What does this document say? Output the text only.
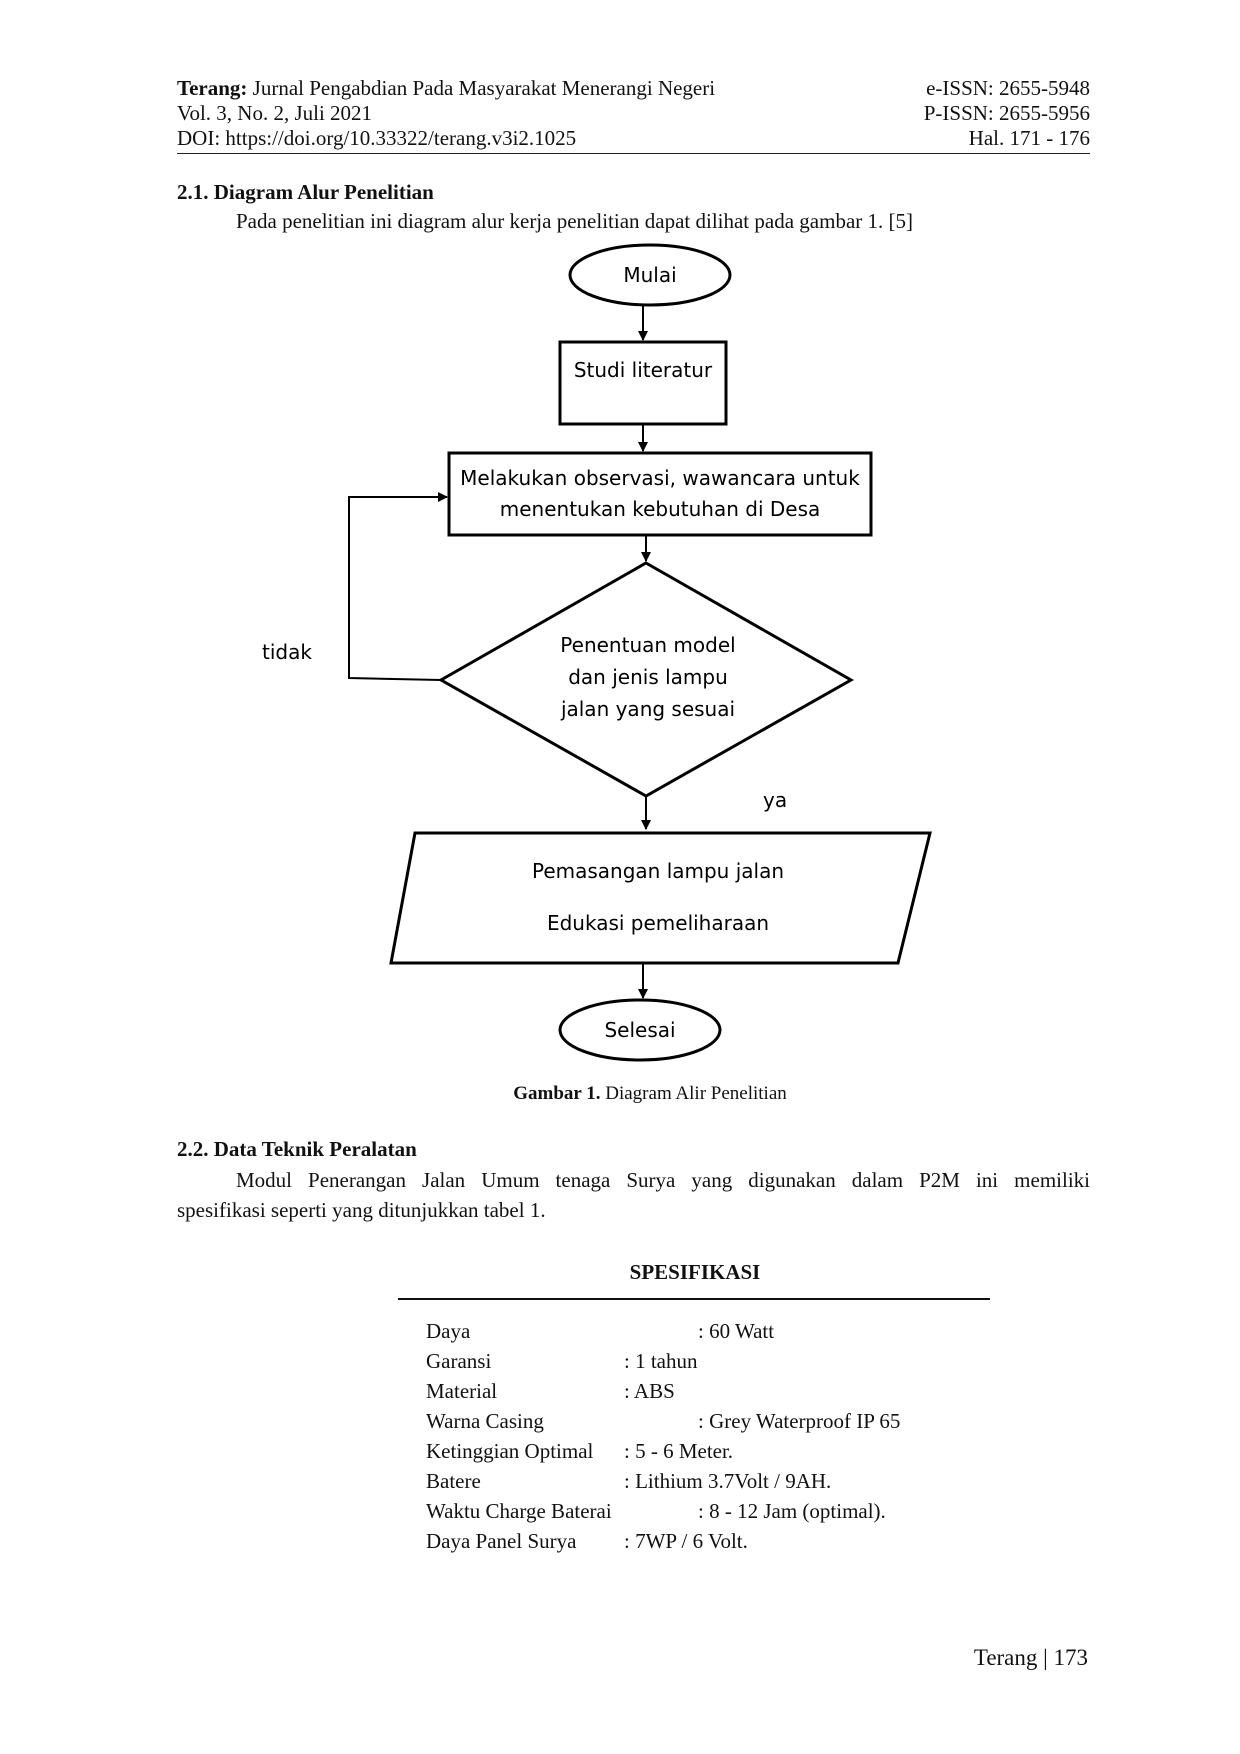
Terang: Jurnal Pengabdian Pada Masyarakat Menerangi Negeri
Vol. 3, No. 2, Juli 2021
DOI: https://doi.org/10.33322/terang.v3i2.1025
e-ISSN: 2655-5948
P-ISSN: 2655-5956
Hal. 171 - 176
2.1. Diagram Alur Penelitian
Pada penelitian ini diagram alur kerja penelitian dapat dilihat pada gambar 1. [5]
Mulai
Studi literatur
Melakukan observasi, wawancara untuk
menentukan kebutuhan di Desa
Penentuan model
dan jenis lampu
jalan yang sesuai
tidak
ya
Pemasangan lampu jalan
Edukasi pemeliharaan
Selesai
Gambar 1. Diagram Alir Penelitian
2.2. Data Teknik Peralatan
Modul Penerangan Jalan Umum tenaga Surya yang digunakan dalam P2M ini memiliki
spesifikasi seperti yang ditunjukkan tabel 1.
SPESIFIKASI
Daya	: 60 Watt
Garansi	: 1 tahun
Material	: ABS
Warna Casing	: Grey Waterproof IP 65
Ketinggian Optimal : 5 - 6 Meter.
Batere	: Lithium 3.7Volt / 9AH.
Waktu Charge Baterai	: 8 - 12 Jam (optimal).
Daya Panel Surya : 7WP / 6 Volt.
Terang | 173
